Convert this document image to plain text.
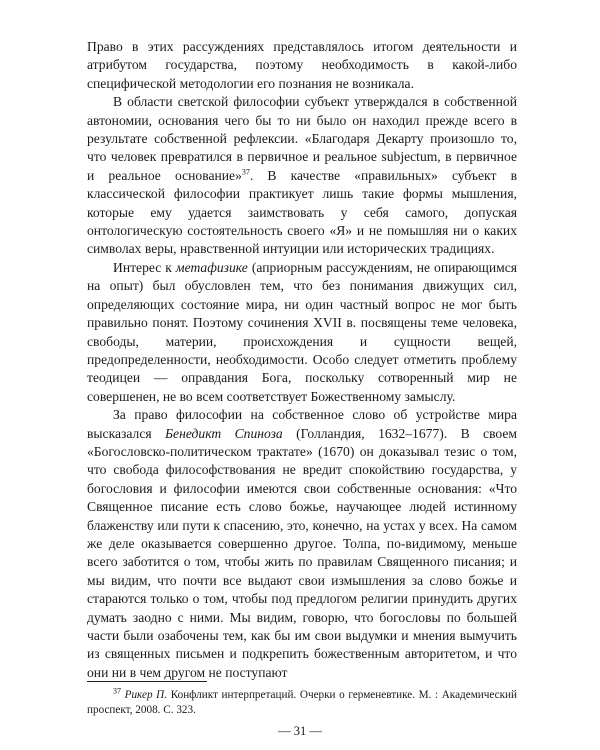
Право в этих рассуждениях представлялось итогом деятельности и атрибутом государства, поэтому необходимость в какой-либо специфической методологии его познания не возникала.

В области светской философии субъект утверждался в собственной автономии, основания чего бы то ни было он находил прежде всего в результате собственной рефлексии. «Благодаря Декарту произошло то, что человек превратился в первичное и реальное subjectum, в первичное и реальное основание»$^{37}$. В качестве «правильных» субъект в классической философии практикует лишь такие формы мышления, которые ему удается заимствовать у себя самого, допуская онтологическую состоятельность своего «Я» и не помышляя ни о каких символах веры, нравственной интуиции или исторических традициях.

Интерес к метафизике (априорным рассуждениям, не опирающимся на опыт) был обусловлен тем, что без понимания движущих сил, определяющих состояние мира, ни один частный вопрос не мог быть правильно понят. Поэтому сочинения XVII в. посвящены теме человека, свободы, материи, происхождения и сущности вещей, предопределенности, необходимости. Особо следует отметить проблему теодицеи — оправдания Бога, поскольку сотворенный мир не совершенен, не во всем соответствует Божественному замыслу.

За право философии на собственное слово об устройстве мира высказался Бенедикт Спиноза (Голландия, 1632–1677). В своем «Богословско-политическом трактате» (1670) он доказывал тезис о том, что свобода философствования не вредит спокойствию государства, у богословия и философии имеются свои собственные основания: «Что Священное писание есть слово божье, научающее людей истинному блаженству или пути к спасению, это, конечно, на устах у всех. На самом же деле оказывается совершенно другое. Толпа, по-видимому, меньше всего заботится о том, чтобы жить по правилам Священного писания; и мы видим, что почти все выдают свои измышления за слово божье и стараются только о том, чтобы под предлогом религии принудить других думать заодно с ними. Мы видим, говорю, что богословы по большей части были озабочены тем, как бы им свои выдумки и мнения вымучить из священных письмен и подкрепить божественным авторитетом, и что они ни в чем другом не поступают

$^{37}$ Рикер П. Конфликт интерпретаций. Очерки о герменевтике. М. : Академический проспект, 2008. С. 323.
— 31 —
